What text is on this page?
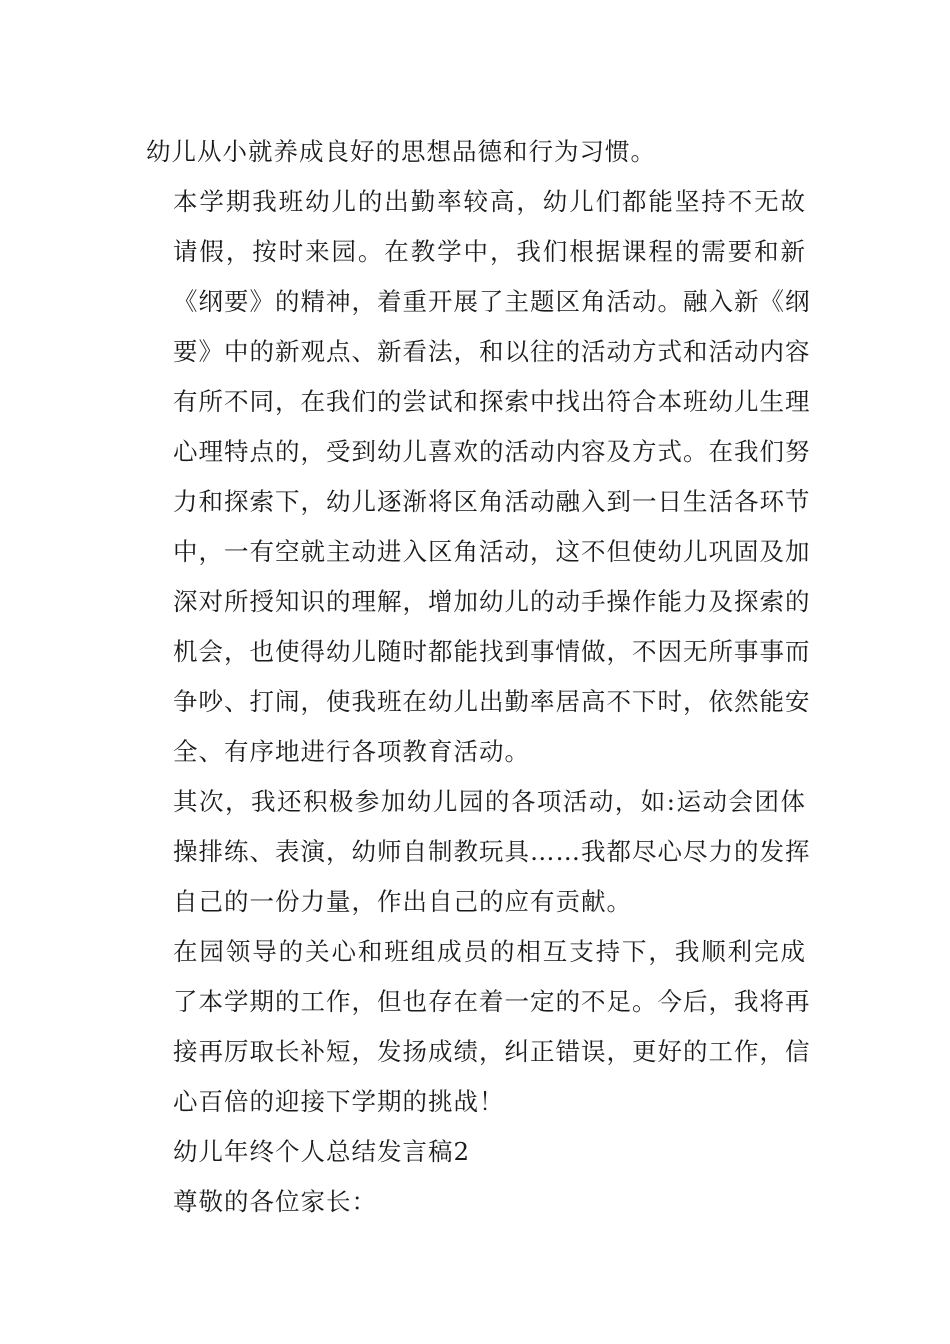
幼儿从小就养成良好的思想品德和行为习惯。

本学期我班幼儿的出勤率较高，幼儿们都能坚持不无故
请假，按时来园。在教学中，我们根据课程的需要和新
《纲要》的精神，着重开展了主题区角活动。融入新《纲
要》中的新观点、新看法，和以往的活动方式和活动内容
有所不同，在我们的尝试和探索中找出符合本班幼儿生理
心理特点的，受到幼儿喜欢的活动内容及方式。在我们努
力和探索下，幼儿逐渐将区角活动融入到一日生活各环节
中，一有空就主动进入区角活动，这不但使幼儿巩固及加
深对所授知识的理解，增加幼儿的动手操作能力及探索的
机会，也使得幼儿随时都能找到事情做，不因无所事事而
争吵、打闹，使我班在幼儿出勤率居高不下时，依然能安
全、有序地进行各项教育活动。

其次，我还积极参加幼儿园的各项活动，如:运动会团体
操排练、表演，幼师自制教玩具……我都尽心尽力的发挥
自己的一份力量，作出自己的应有贡献。

在园领导的关心和班组成员的相互支持下，我顺利完成
了本学期的工作，但也存在着一定的不足。今后，我将再
接再厉取长补短，发扬成绩，纠正错误，更好的工作，信
心百倍的迎接下学期的挑战！

幼儿年终个人总结发言稿2

尊敬的各位家长：
